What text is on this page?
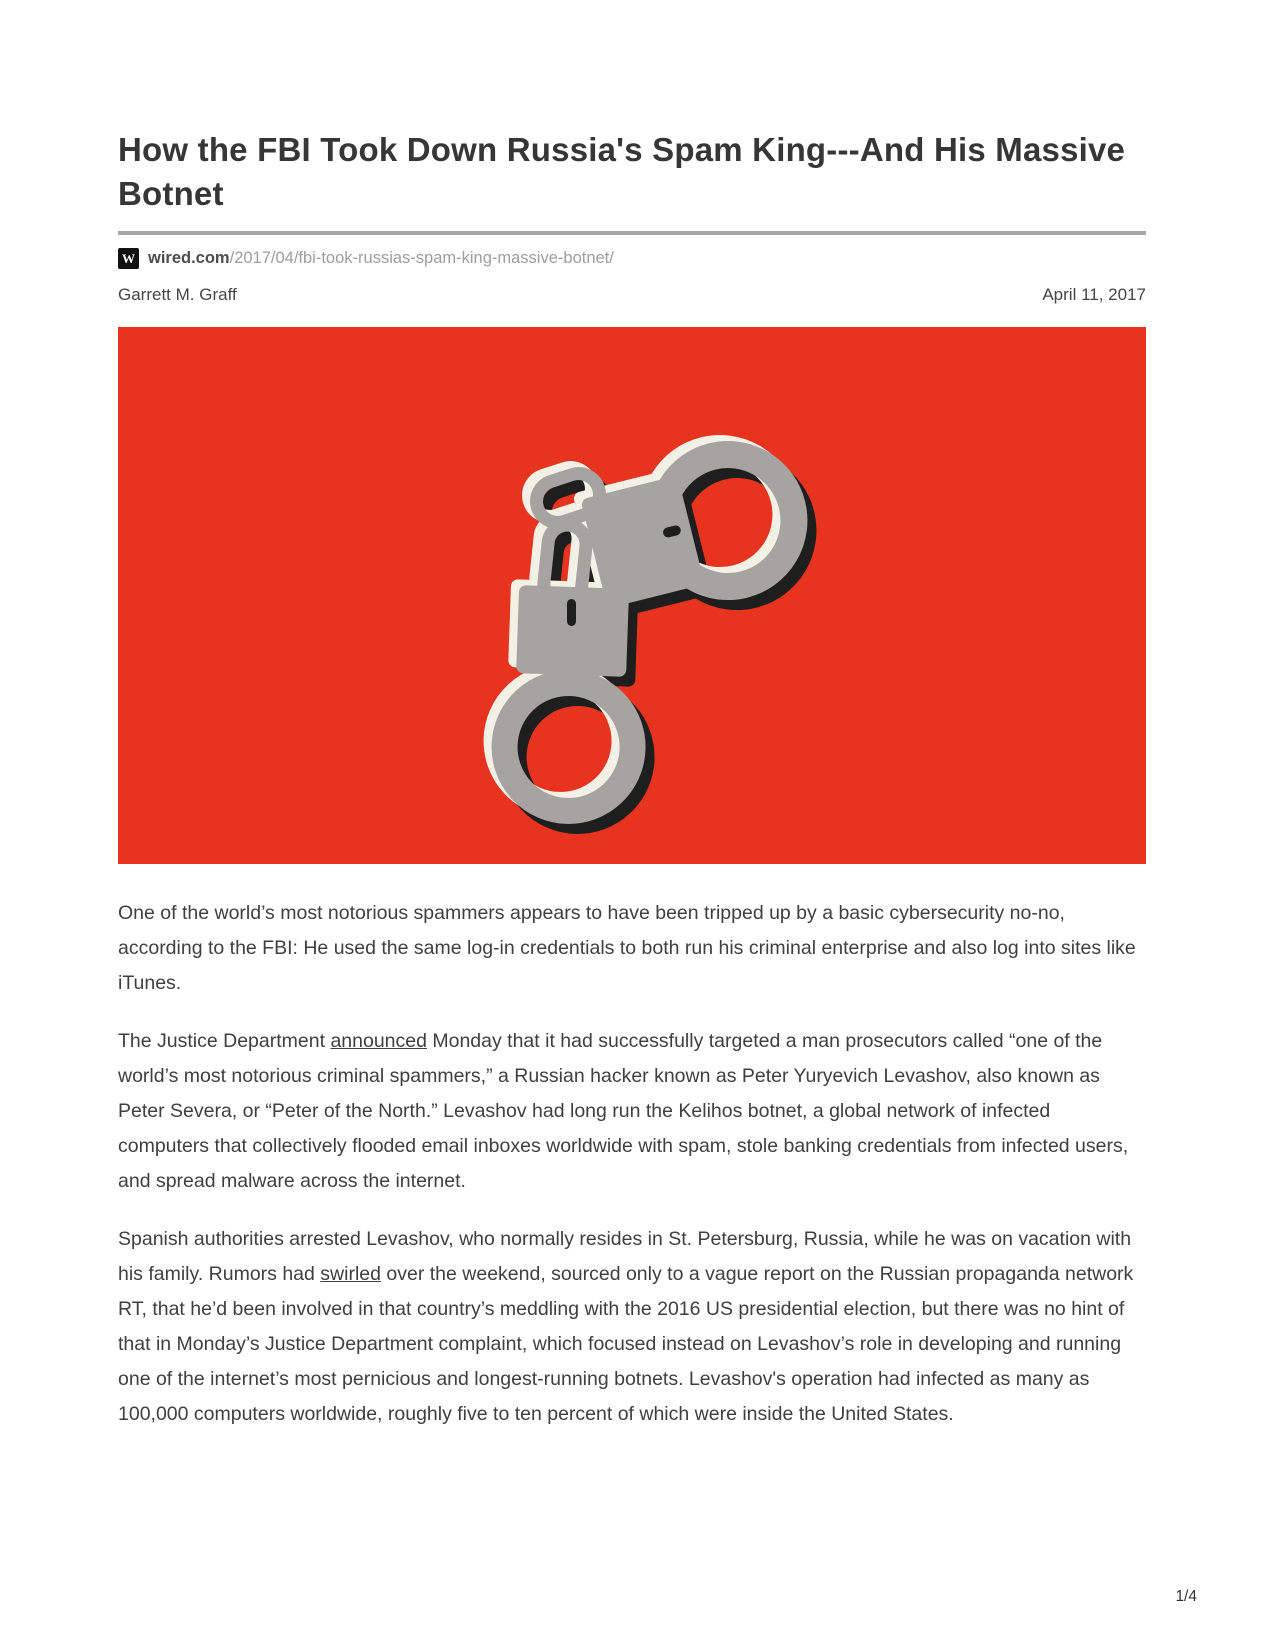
How the FBI Took Down Russia's Spam King---And His Massive Botnet
W wired.com/2017/04/fbi-took-russias-spam-king-massive-botnet/
Garrett M. Graff	April 11, 2017

One of the world’s most notorious spammers appears to have been tripped up by a basic cybersecurity no-no, according to the FBI: He used the same log-in credentials to both run his criminal enterprise and also log into sites like iTunes.

The Justice Department announced Monday that it had successfully targeted a man prosecutors called “one of the world’s most notorious criminal spammers,” a Russian hacker known as Peter Yuryevich Levashov, also known as Peter Severa, or “Peter of the North.” Levashov had long run the Kelihos botnet, a global network of infected computers that collectively flooded email inboxes worldwide with spam, stole banking credentials from infected users, and spread malware across the internet.

Spanish authorities arrested Levashov, who normally resides in St. Petersburg, Russia, while he was on vacation with his family. Rumors had swirled over the weekend, sourced only to a vague report on the Russian propaganda network RT, that he’d been involved in that country’s meddling with the 2016 US presidential election, but there was no hint of that in Monday’s Justice Department complaint, which focused instead on Levashov’s role in developing and running one of the internet’s most pernicious and longest-running botnets. Levashov's operation had infected as many as 100,000 computers worldwide, roughly five to ten percent of which were inside the United States.

1/4
